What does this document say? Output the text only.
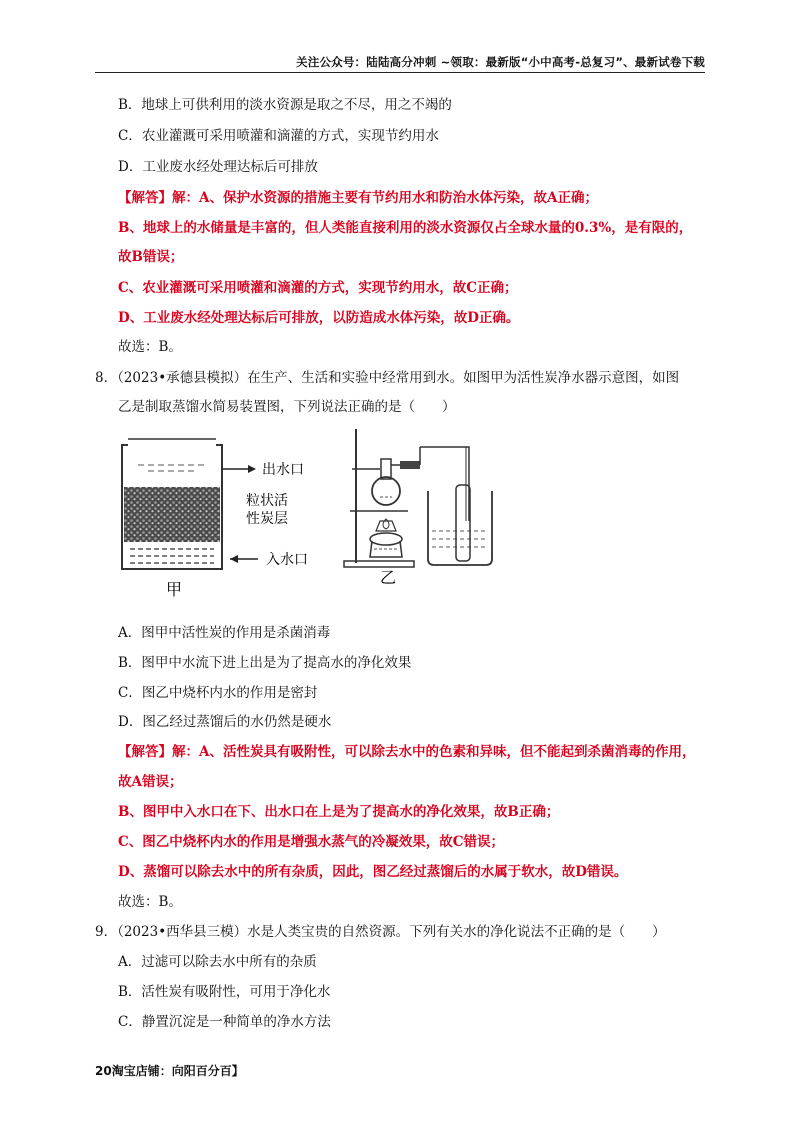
关注公众号：陆陆高分冲刺 ~领取：最新版“小中高考-总复习”、最新试卷下载
B．地球上可供利用的淡水资源是取之不尽，用之不竭的
C．农业灌溉可采用喷灌和滴灌的方式，实现节约用水
D．工业废水经处理达标后可排放
【解答】解：A、保护水资源的措施主要有节约用水和防治水体污染，故A正确；
B、地球上的水储量是丰富的，但人类能直接利用的淡水资源仅占全球水量的0.3%，是有限的，
故B错误；
C、农业灌溉可采用喷灌和滴灌的方式，实现节约用水，故C正确；
D、工业废水经处理达标后可排放，以防造成水体污染，故D正确。
故选：B。
8．（2023•承德县模拟）在生产、生活和实验中经常用到水。如图甲为活性炭净水器示意图，如图
乙是制取蒸馏水简易装置图，下列说法正确的是（　　）
出水口
粒状活
性炭层
入水口
甲
乙
A．图甲中活性炭的作用是杀菌消毒
B．图甲中水流下进上出是为了提高水的净化效果
C．图乙中烧杯内水的作用是密封
D．图乙经过蒸馏后的水仍然是硬水
【解答】解：A、活性炭具有吸附性，可以除去水中的色素和异味，但不能起到杀菌消毒的作用，
故A错误；
B、图甲中入水口在下、出水口在上是为了提高水的净化效果，故B正确；
C、图乙中烧杯内水的作用是增强水蒸气的冷凝效果，故C错误；
D、蒸馏可以除去水中的所有杂质，因此，图乙经过蒸馏后的水属于软水，故D错误。
故选：B。
9．（2023•西华县三模）水是人类宝贵的自然资源。下列有关水的净化说法不正确的是（　　）
A．过滤可以除去水中所有的杂质
B．活性炭有吸附性，可用于净化水
C．静置沉淀是一种简单的净水方法
20淘宝店铺：向阳百分百】
